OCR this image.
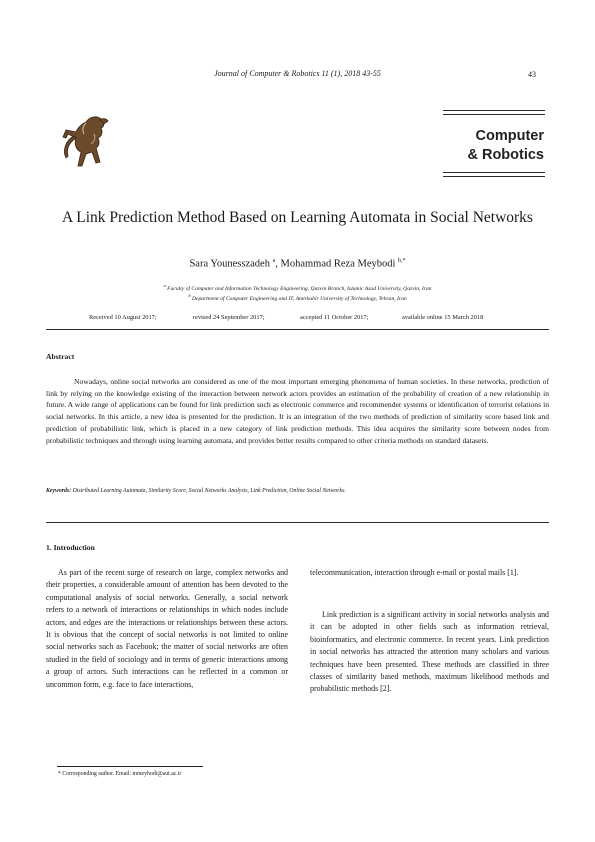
Journal of Computer & Robotics 11 (1), 2018 43-55	43
Computer
& Robotics
A Link Prediction Method Based on Learning Automata in Social Networks
Sara Younesszadeh $^a$, Mohammad Reza Meybodi $^{b,*}$
$^a$ Faculty of Computer and Information Technology Engineering, Qazvin Branch, Islamic Azad University, Qazvin, Iran
$^b$ Department of Computer Engineering and IT, Amirkabir University of Technology, Tehran, Iran
Received 10 August 2017;	revised 24 September 2017;	accepted 11 October 2017;	available online 15 March 2018
Abstract
Nowadays, online social networks are considered as one of the most important emerging phenomena of human societies. In these networks, prediction of link by relying on the knowledge existing of the interaction between network actors provides an estimation of the probability of creation of a new relationship in future. A wide range of applications can be found for link prediction such as electronic commerce and recommender systems or identification of terrorist relations in social networks. In this article, a new idea is presented for the prediction. It is an integration of the two methods of prediction of similarity score based link and prediction of probabilistic link, which is placed in a new category of link prediction methods. This idea acquires the similarity score between nodes from probabilistic techniques and through using learning automata, and provides better results compared to other criteria methods on standard datasets.
Keywords: Distributed Learning Automata, Similarity Score, Social Networks Analysis, Link Prediction, Online Social Networks.
1. Introduction
As part of the recent surge of research on large, complex networks and their properties, a considerable amount of attention has been devoted to the computational analysis of social networks. Generally, a social network refers to a network of interactions or relationships in which nodes include actors, and edges are the interactions or relationships between these actors. It is obvious that the concept of social networks is not limited to online social networks such as Facebook; the matter of social networks are often studied in the field of sociology and in terms of generic interactions among a group of actors. Such interactions can be reflected in a common or uncommon form, e.g. face to face interactions,
telecommunication, interaction through e-mail or postal mails [1].
Link prediction is a significant activity in social networks analysis and it can be adopted in other fields such as information retrieval, bioinformatics, and electronic commerce. In recent years. Link prediction in social networks has attracted the attention many scholars and various techniques have been presented. These methods are classified in three classes of similarity based methods, maximum likelihood methods and probabilistic methods [2].
* Corresponding author. Email: mmeybodi@aut.ac.ir
